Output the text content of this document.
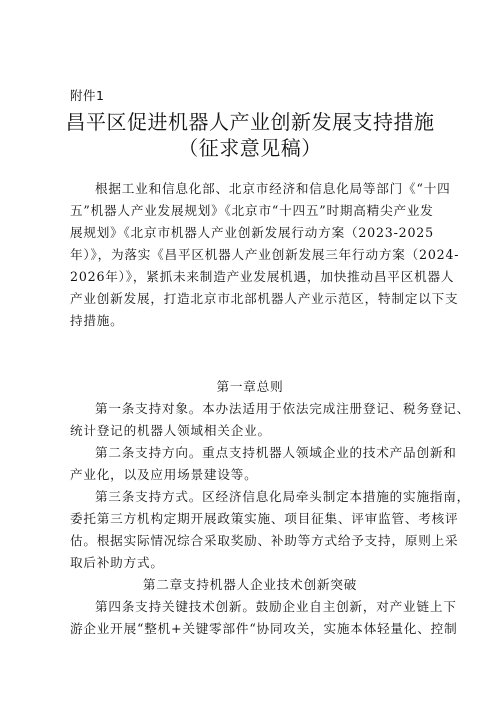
附件1
昌平区促进机器人产业创新发展支持措施
（征求意见稿）
根据工业和信息化部、北京市经济和信息化局等部门《“十四
五”机器人产业发展规划》《北京市“十四五”时期高精尖产业发
展规划》《北京市机器人产业创新发展行动方案（2023-2025
年）》，为落实《昌平区机器人产业创新发展三年行动方案（2024-
2026年）》，紧抓未来制造产业发展机遇，加快推动昌平区机器人
产业创新发展，打造北京市北部机器人产业示范区，特制定以下支
持措施。
第一章总则
第一条支持对象。本办法适用于依法完成注册登记、税务登记、
统计登记的机器人领域相关企业。
第二条支持方向。重点支持机器人领域企业的技术产品创新和
产业化，以及应用场景建设等。
第三条支持方式。区经济信息化局牵头制定本措施的实施指南，
委托第三方机构定期开展政策实施、项目征集、评审监管、考核评
估。根据实际情况综合采取奖励、补助等方式给予支持，原则上采
取后补助方式。
第二章支持机器人企业技术创新突破
第四条支持关键技术创新。鼓励企业自主创新，对产业链上下
游企业开展“整机+关键零部件“协同攻关，实施本体轻量化、控制
